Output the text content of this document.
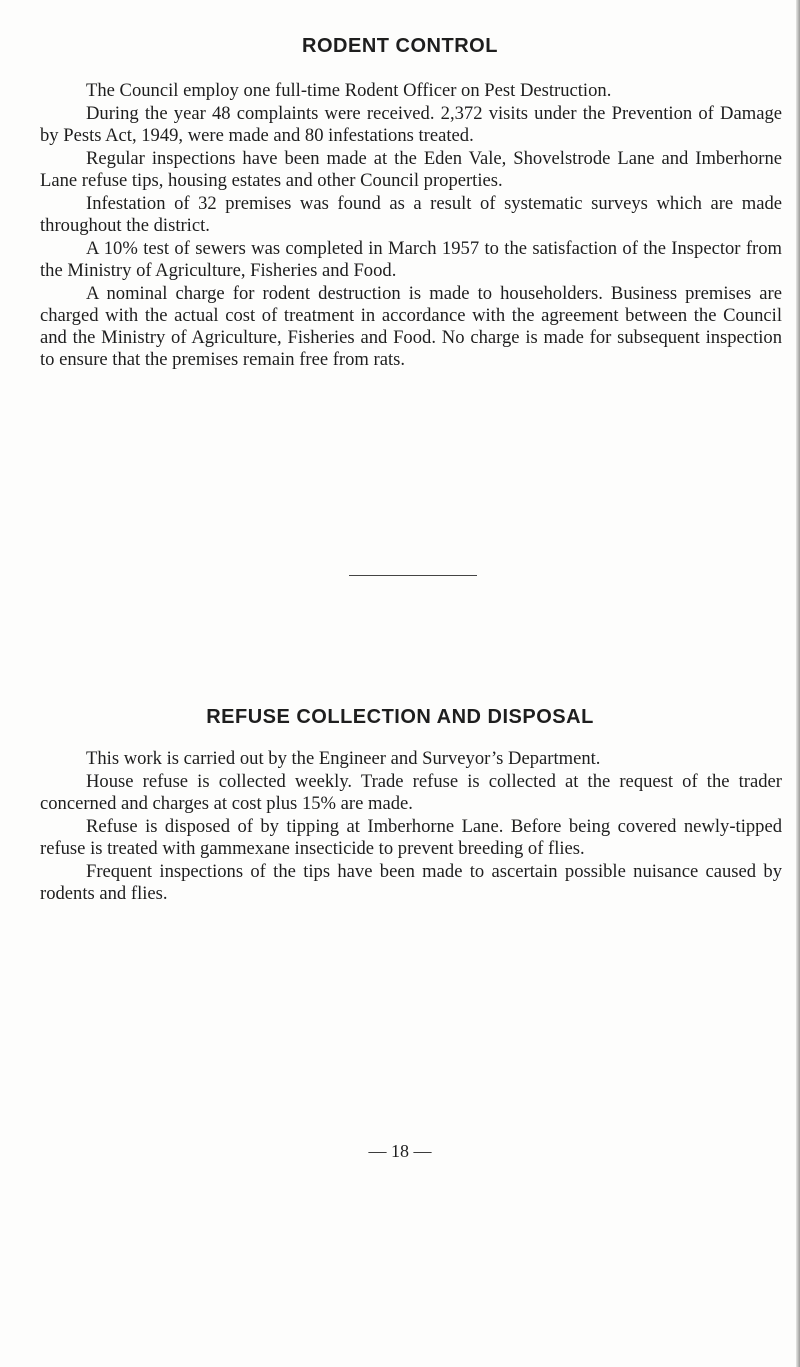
RODENT CONTROL

The Council employ one full-time Rodent Officer on Pest Destruction.

During the year 48 complaints were received. 2,372 visits under the Prevention of Damage by Pests Act, 1949, were made and 80 infestations treated.

Regular inspections have been made at the Eden Vale, Shovelstrode Lane and Imberhorne Lane refuse tips, housing estates and other Council properties.

Infestation of 32 premises was found as a result of systematic surveys which are made throughout the district.

A 10% test of sewers was completed in March 1957 to the satisfaction of the Inspector from the Ministry of Agriculture, Fisheries and Food.

A nominal charge for rodent destruction is made to householders. Business premises are charged with the actual cost of treatment in accordance with the agreement between the Council and the Ministry of Agriculture, Fisheries and Food. No charge is made for subsequent inspection to ensure that the premises remain free from rats.

REFUSE COLLECTION AND DISPOSAL

This work is carried out by the Engineer and Surveyor’s Department.

House refuse is collected weekly. Trade refuse is collected at the request of the trader concerned and charges at cost plus 15% are made.

Refuse is disposed of by tipping at Imberhorne Lane. Before being covered newly-tipped refuse is treated with gammexane insecticide to prevent breeding of flies.

Frequent inspections of the tips have been made to ascertain possible nuisance caused by rodents and flies.

— 18 —
